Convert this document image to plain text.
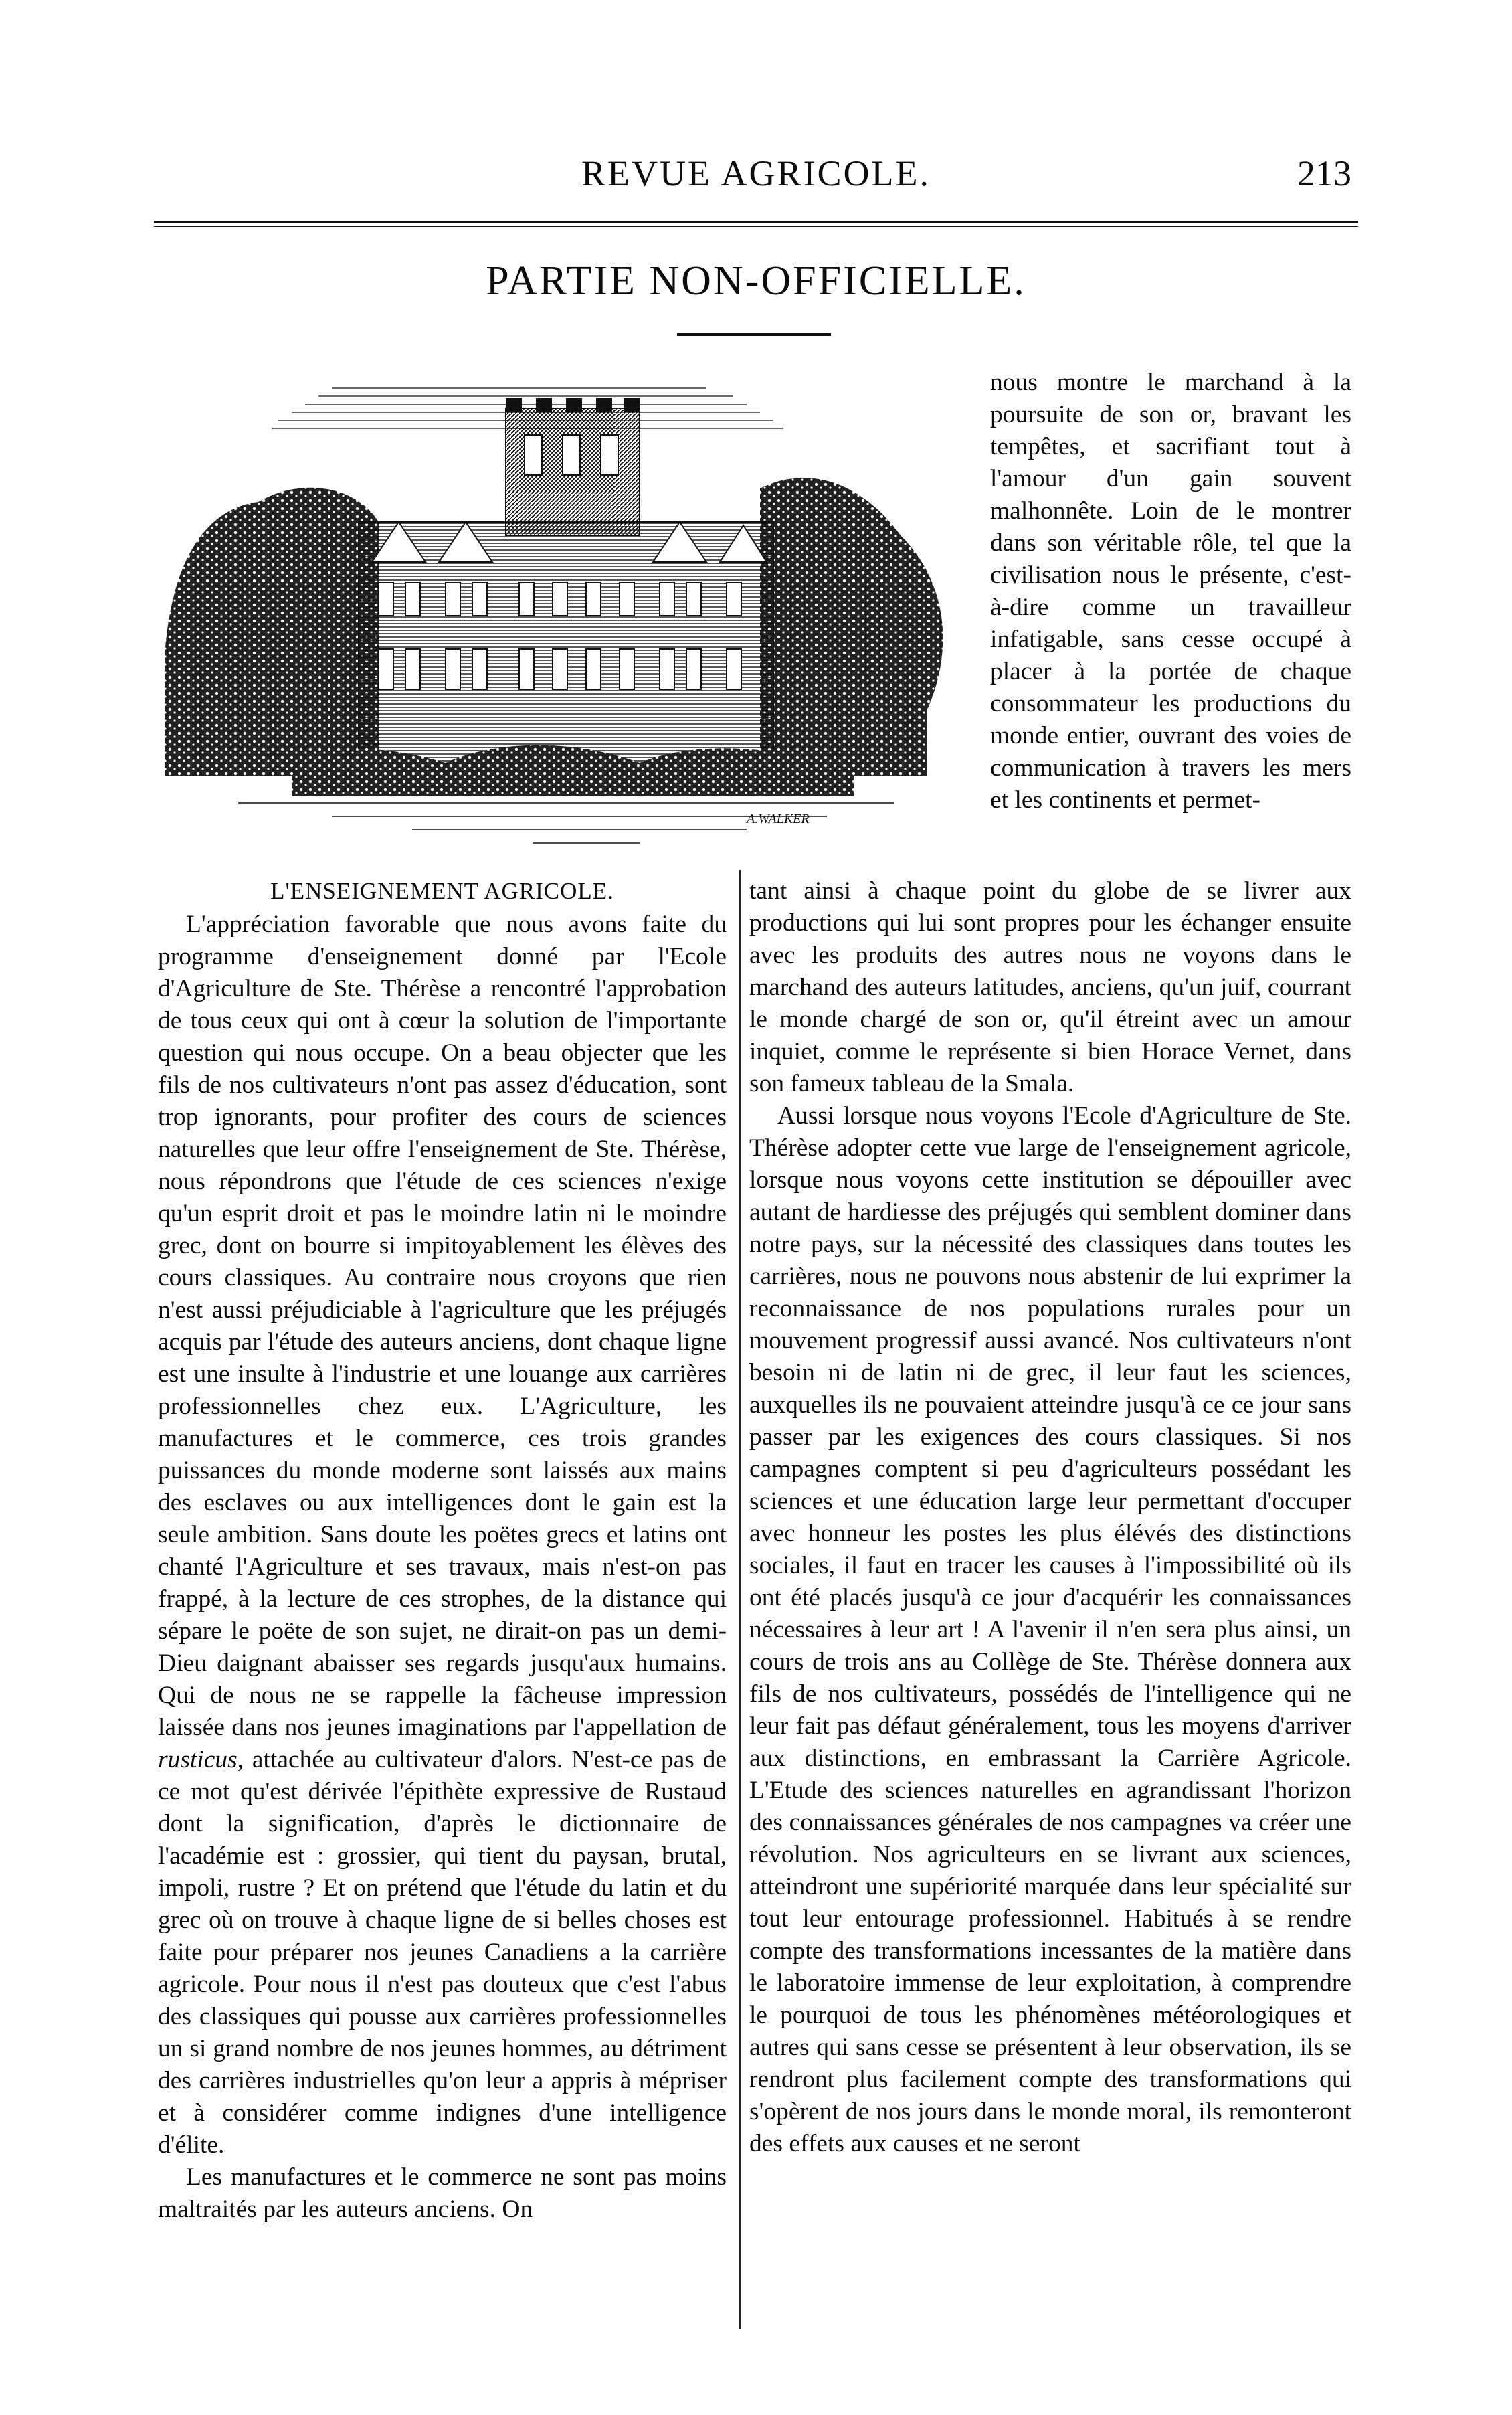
REVUE AGRICOLE.	213
PARTIE NON-OFFICIELLE.
A.WALKER

nous montre le marchand à la poursuite de son or, bravant les tempêtes, et sacrifiant tout à l'amour d'un gain souvent malhonnête. Loin de le montrer dans son véritable rôle, tel que la civilisation nous le présente, c'est-à-dire comme un travailleur infatigable, sans cesse occupé à placer à la portée de chaque consommateur les productions du monde entier, ouvrant des voies de communication à travers les mers et les continents et permet-

L'ENSEIGNEMENT AGRICOLE.

L'appréciation favorable que nous avons faite du programme d'enseignement donné par l'Ecole d'Agriculture de Ste. Thérèse a rencontré l'approbation de tous ceux qui ont à cœur la solution de l'importante question qui nous occupe. On a beau objecter que les fils de nos cultivateurs n'ont pas assez d'éducation, sont trop ignorants, pour profiter des cours de sciences naturelles que leur offre l'enseignement de Ste. Thérèse, nous répondrons que l'étude de ces sciences n'exige qu'un esprit droit et pas le moindre latin ni le moindre grec, dont on bourre si impitoyablement les élèves des cours classiques. Au contraire nous croyons que rien n'est aussi préjudiciable à l'agriculture que les préjugés acquis par l'étude des auteurs anciens, dont chaque ligne est une insulte à l'industrie et une louange aux carrières professionnelles chez eux. L'Agriculture, les manufactures et le commerce, ces trois grandes puissances du monde moderne sont laissés aux mains des esclaves ou aux intelligences dont le gain est la seule ambition. Sans doute les poëtes grecs et latins ont chanté l'Agriculture et ses travaux, mais n'est-on pas frappé, à la lecture de ces strophes, de la distance qui sépare le poëte de son sujet, ne dirait-on pas un demi-Dieu daignant abaisser ses regards jusqu'aux humains. Qui de nous ne se rappelle la fâcheuse impression laissée dans nos jeunes imaginations par l'appellation de rusticus, attachée au cultivateur d'alors. N'est-ce pas de ce mot qu'est dérivée l'épithète expressive de Rustaud dont la signification, d'après le dictionnaire de l'académie est : grossier, qui tient du paysan, brutal, impoli, rustre ? Et on prétend que l'étude du latin et du grec où on trouve à chaque ligne de si belles choses est faite pour préparer nos jeunes Canadiens a la carrière agricole. Pour nous il n'est pas douteux que c'est l'abus des classiques qui pousse aux carrières professionnelles un si grand nombre de nos jeunes hommes, au détriment des carrières industrielles qu'on leur a appris à mépriser et à considérer comme indignes d'une intelligence d'élite.

Les manufactures et le commerce ne sont pas moins maltraités par les auteurs anciens. On

tant ainsi à chaque point du globe de se livrer aux productions qui lui sont propres pour les échanger ensuite avec les produits des autres nous ne voyons dans le marchand des auteurs latitudes, anciens, qu'un juif, courrant le monde chargé de son or, qu'il étreint avec un amour inquiet, comme le représente si bien Horace Vernet, dans son fameux tableau de la Smala.

Aussi lorsque nous voyons l'Ecole d'Agriculture de Ste. Thérèse adopter cette vue large de l'enseignement agricole, lorsque nous voyons cette institution se dépouiller avec autant de hardiesse des préjugés qui semblent dominer dans notre pays, sur la nécessité des classiques dans toutes les carrières, nous ne pouvons nous abstenir de lui exprimer la reconnaissance de nos populations rurales pour un mouvement progressif aussi avancé. Nos cultivateurs n'ont besoin ni de latin ni de grec, il leur faut les sciences, auxquelles ils ne pouvaient atteindre jusqu'à ce ce jour sans passer par les exigences des cours classiques. Si nos campagnes comptent si peu d'agriculteurs possédant les sciences et une éducation large leur permettant d'occuper avec honneur les postes les plus élévés des distinctions sociales, il faut en tracer les causes à l'impossibilité où ils ont été placés jusqu'à ce jour d'acquérir les connaissances nécessaires à leur art ! A l'avenir il n'en sera plus ainsi, un cours de trois ans au Collège de Ste. Thérèse donnera aux fils de nos cultivateurs, possédés de l'intelligence qui ne leur fait pas défaut généralement, tous les moyens d'arriver aux distinctions, en embrassant la Carrière Agricole. L'Etude des sciences naturelles en agrandissant l'horizon des connaissances générales de nos campagnes va créer une révolution. Nos agriculteurs en se livrant aux sciences, atteindront une supériorité marquée dans leur spécialité sur tout leur entourage professionnel. Habitués à se rendre compte des transformations incessantes de la matière dans le laboratoire immense de leur exploitation, à comprendre le pourquoi de tous les phénomènes météorologiques et autres qui sans cesse se présentent à leur observation, ils se rendront plus facilement compte des transformations qui s'opèrent de nos jours dans le monde moral, ils remonteront des effets aux causes et ne seront
